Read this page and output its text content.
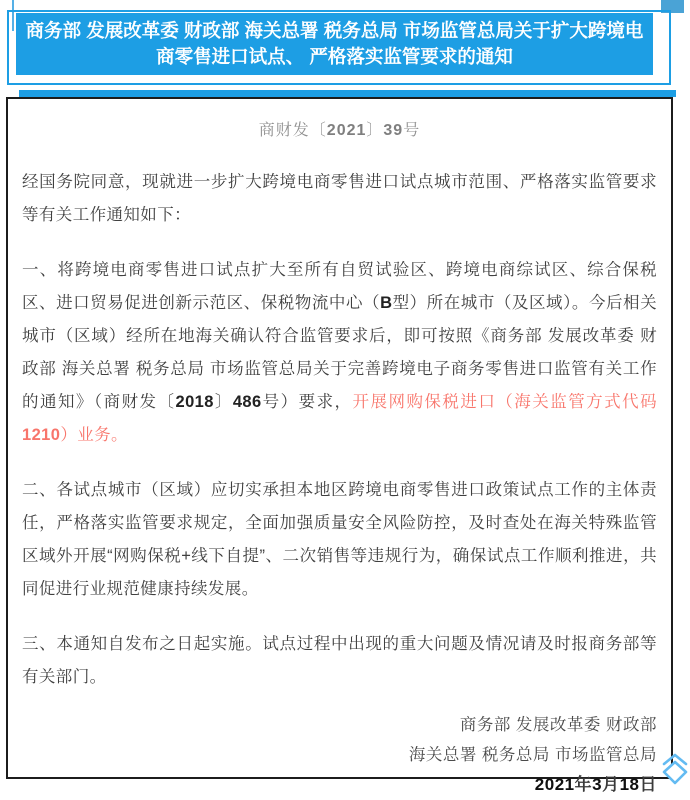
商务部 发展改革委 财政部 海关总署 税务总局 市场监管总局关于扩大跨境电
商零售进口试点、 严格落实监管要求的通知
商财发〔2021〕39号

经国务院同意，现就进一步扩大跨境电商零售进口试点城市范围、严格落实监管要求等有关工作通知如下：

一、将跨境电商零售进口试点扩大至所有自贸试验区、跨境电商综试区、综合保税区、进口贸易促进创新示范区、保税物流中心（B型）所在城市（及区域）。今后相关城市（区域）经所在地海关确认符合监管要求后，即可按照《商务部 发展改革委 财政部 海关总署 税务总局 市场监管总局关于完善跨境电子商务零售进口监管有关工作的通知》（商财发〔2018〕486号）要求，开展网购保税进口（海关监管方式代码1210）业务。

二、各试点城市（区域）应切实承担本地区跨境电商零售进口政策试点工作的主体责任，严格落实监管要求规定，全面加强质量安全风险防控，及时查处在海关特殊监管区域外开展“网购保税+线下自提”、二次销售等违规行为，确保试点工作顺利推进，共同促进行业规范健康持续发展。

三、本通知自发布之日起实施。试点过程中出现的重大问题及情况请及时报商务部等有关部门。

商务部 发展改革委 财政部
海关总署 税务总局 市场监管总局
2021年3月18日
